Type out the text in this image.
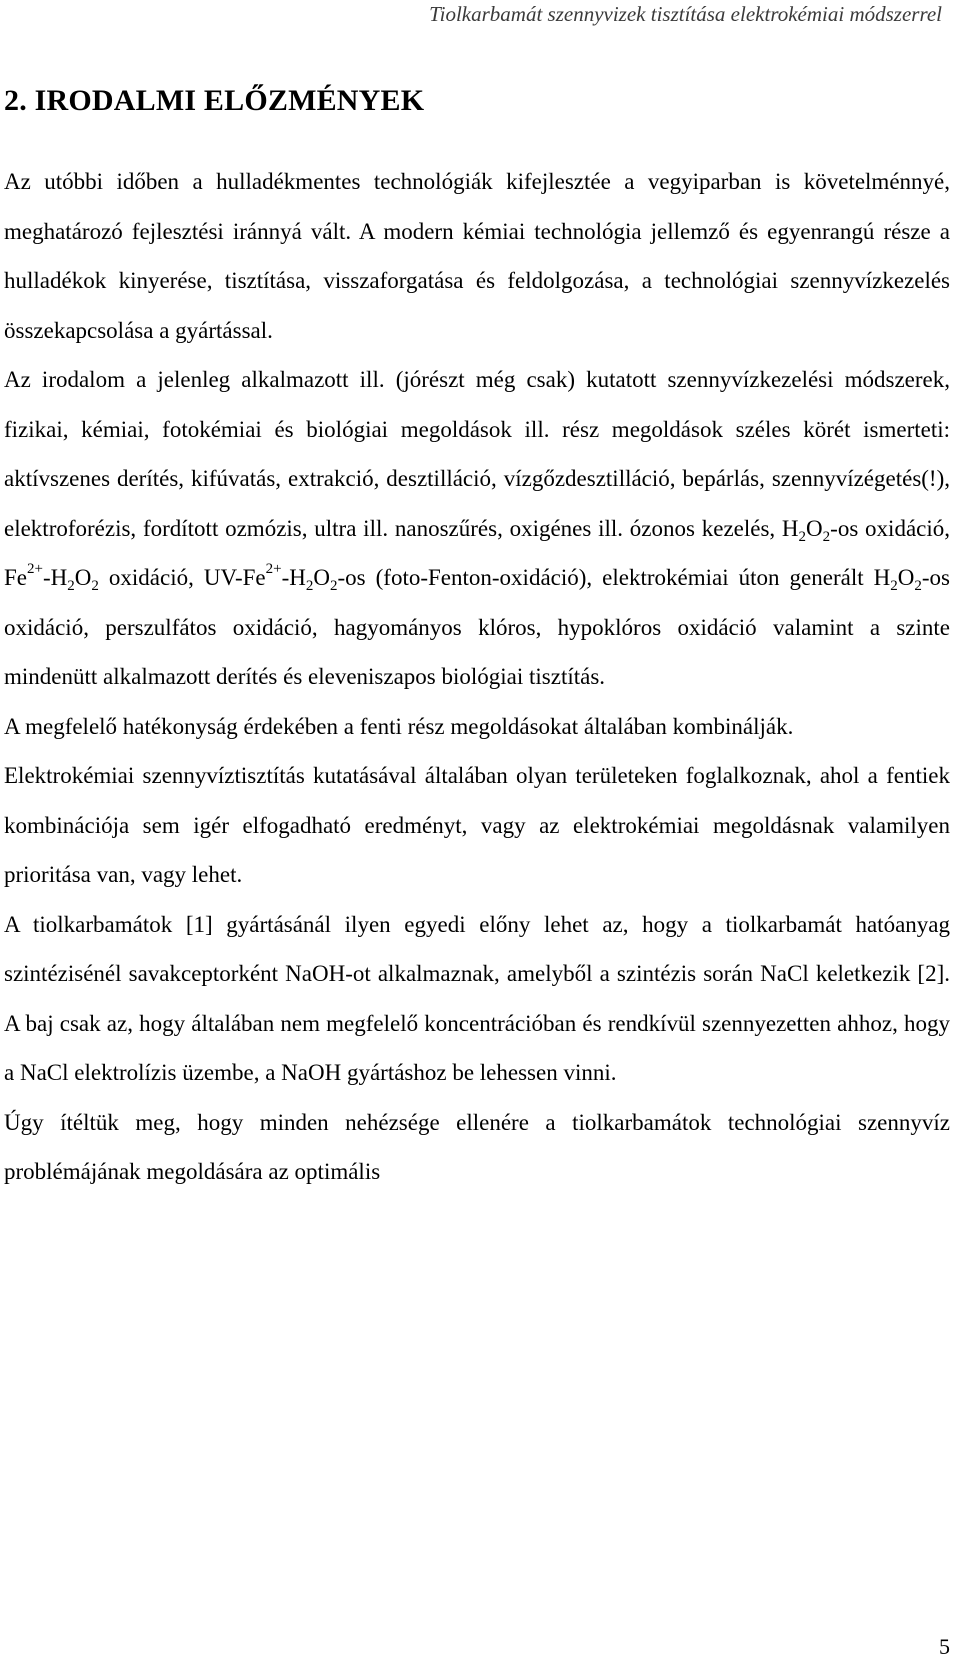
Tiolkarbamát szennyvizek tisztítása elektrokémiai módszerrel
2. IRODALMI ELŐZMÉNYEK

Az utóbbi időben a hulladékmentes technológiák kifejlesztée a vegyiparban is követelménnyé, meghatározó fejlesztési iránnyá vált. A modern kémiai technológia jellemző és egyenrangú része a hulladékok kinyerése, tisztítása, visszaforgatása és feldolgozása, a technológiai szennyvízkezelés összekapcsolása a gyártással.

Az irodalom a jelenleg alkalmazott ill. (jórészt még csak) kutatott szennyvízkezelési módszerek, fizikai, kémiai, fotokémiai és biológiai megoldások ill. rész megoldások széles körét ismerteti: aktívszenes derítés, kifúvatás, extrakció, desztilláció, vízgőzdesztilláció, bepárlás, szennyvízégetés(!), elektroforézis, fordított ozmózis, ultra ill. nanoszűrés, oxigénes ill. ózonos kezelés, $H_2O_2-os$ oxidáció, $Fe^{2+}-H_2O_2$ oxidáció, $UV-Fe^{2+}-H_2O_2-os$ (foto-Fenton-oxidáció), elektrokémiai úton generált $H_2O_2-os$ oxidáció, perszulfátos oxidáció, hagyományos klóros, hypoklóros oxidáció valamint a szinte mindenütt alkalmazott derítés és eleveniszapos biológiai tisztítás.

A megfelelő hatékonyság érdekében a fenti rész megoldásokat általában kombinálják.

Elektrokémiai szennyvíztisztítás kutatásával általában olyan területeken foglalkoznak, ahol a fentiek kombinációja sem igér elfogadható eredményt, vagy az elektrokémiai megoldásnak valamilyen prioritása van, vagy lehet.

A tiolkarbamátok [1] gyártásánál ilyen egyedi előny lehet az, hogy a tiolkarbamát hatóanyag szintézisénél savakceptorként NaOH-ot alkalmaznak, amelyből a szintézis során NaCl keletkezik [2]. A baj csak az, hogy általában nem megfelelő koncentrációban és rendkívül szennyezetten ahhoz, hogy a NaCl elektrolízis üzembe, a NaOH gyártáshoz be lehessen vinni.

Úgy ítéltük meg, hogy minden nehézsége ellenére a tiolkarbamátok technológiai szennyvíz problémájának megoldására az optimális

5
